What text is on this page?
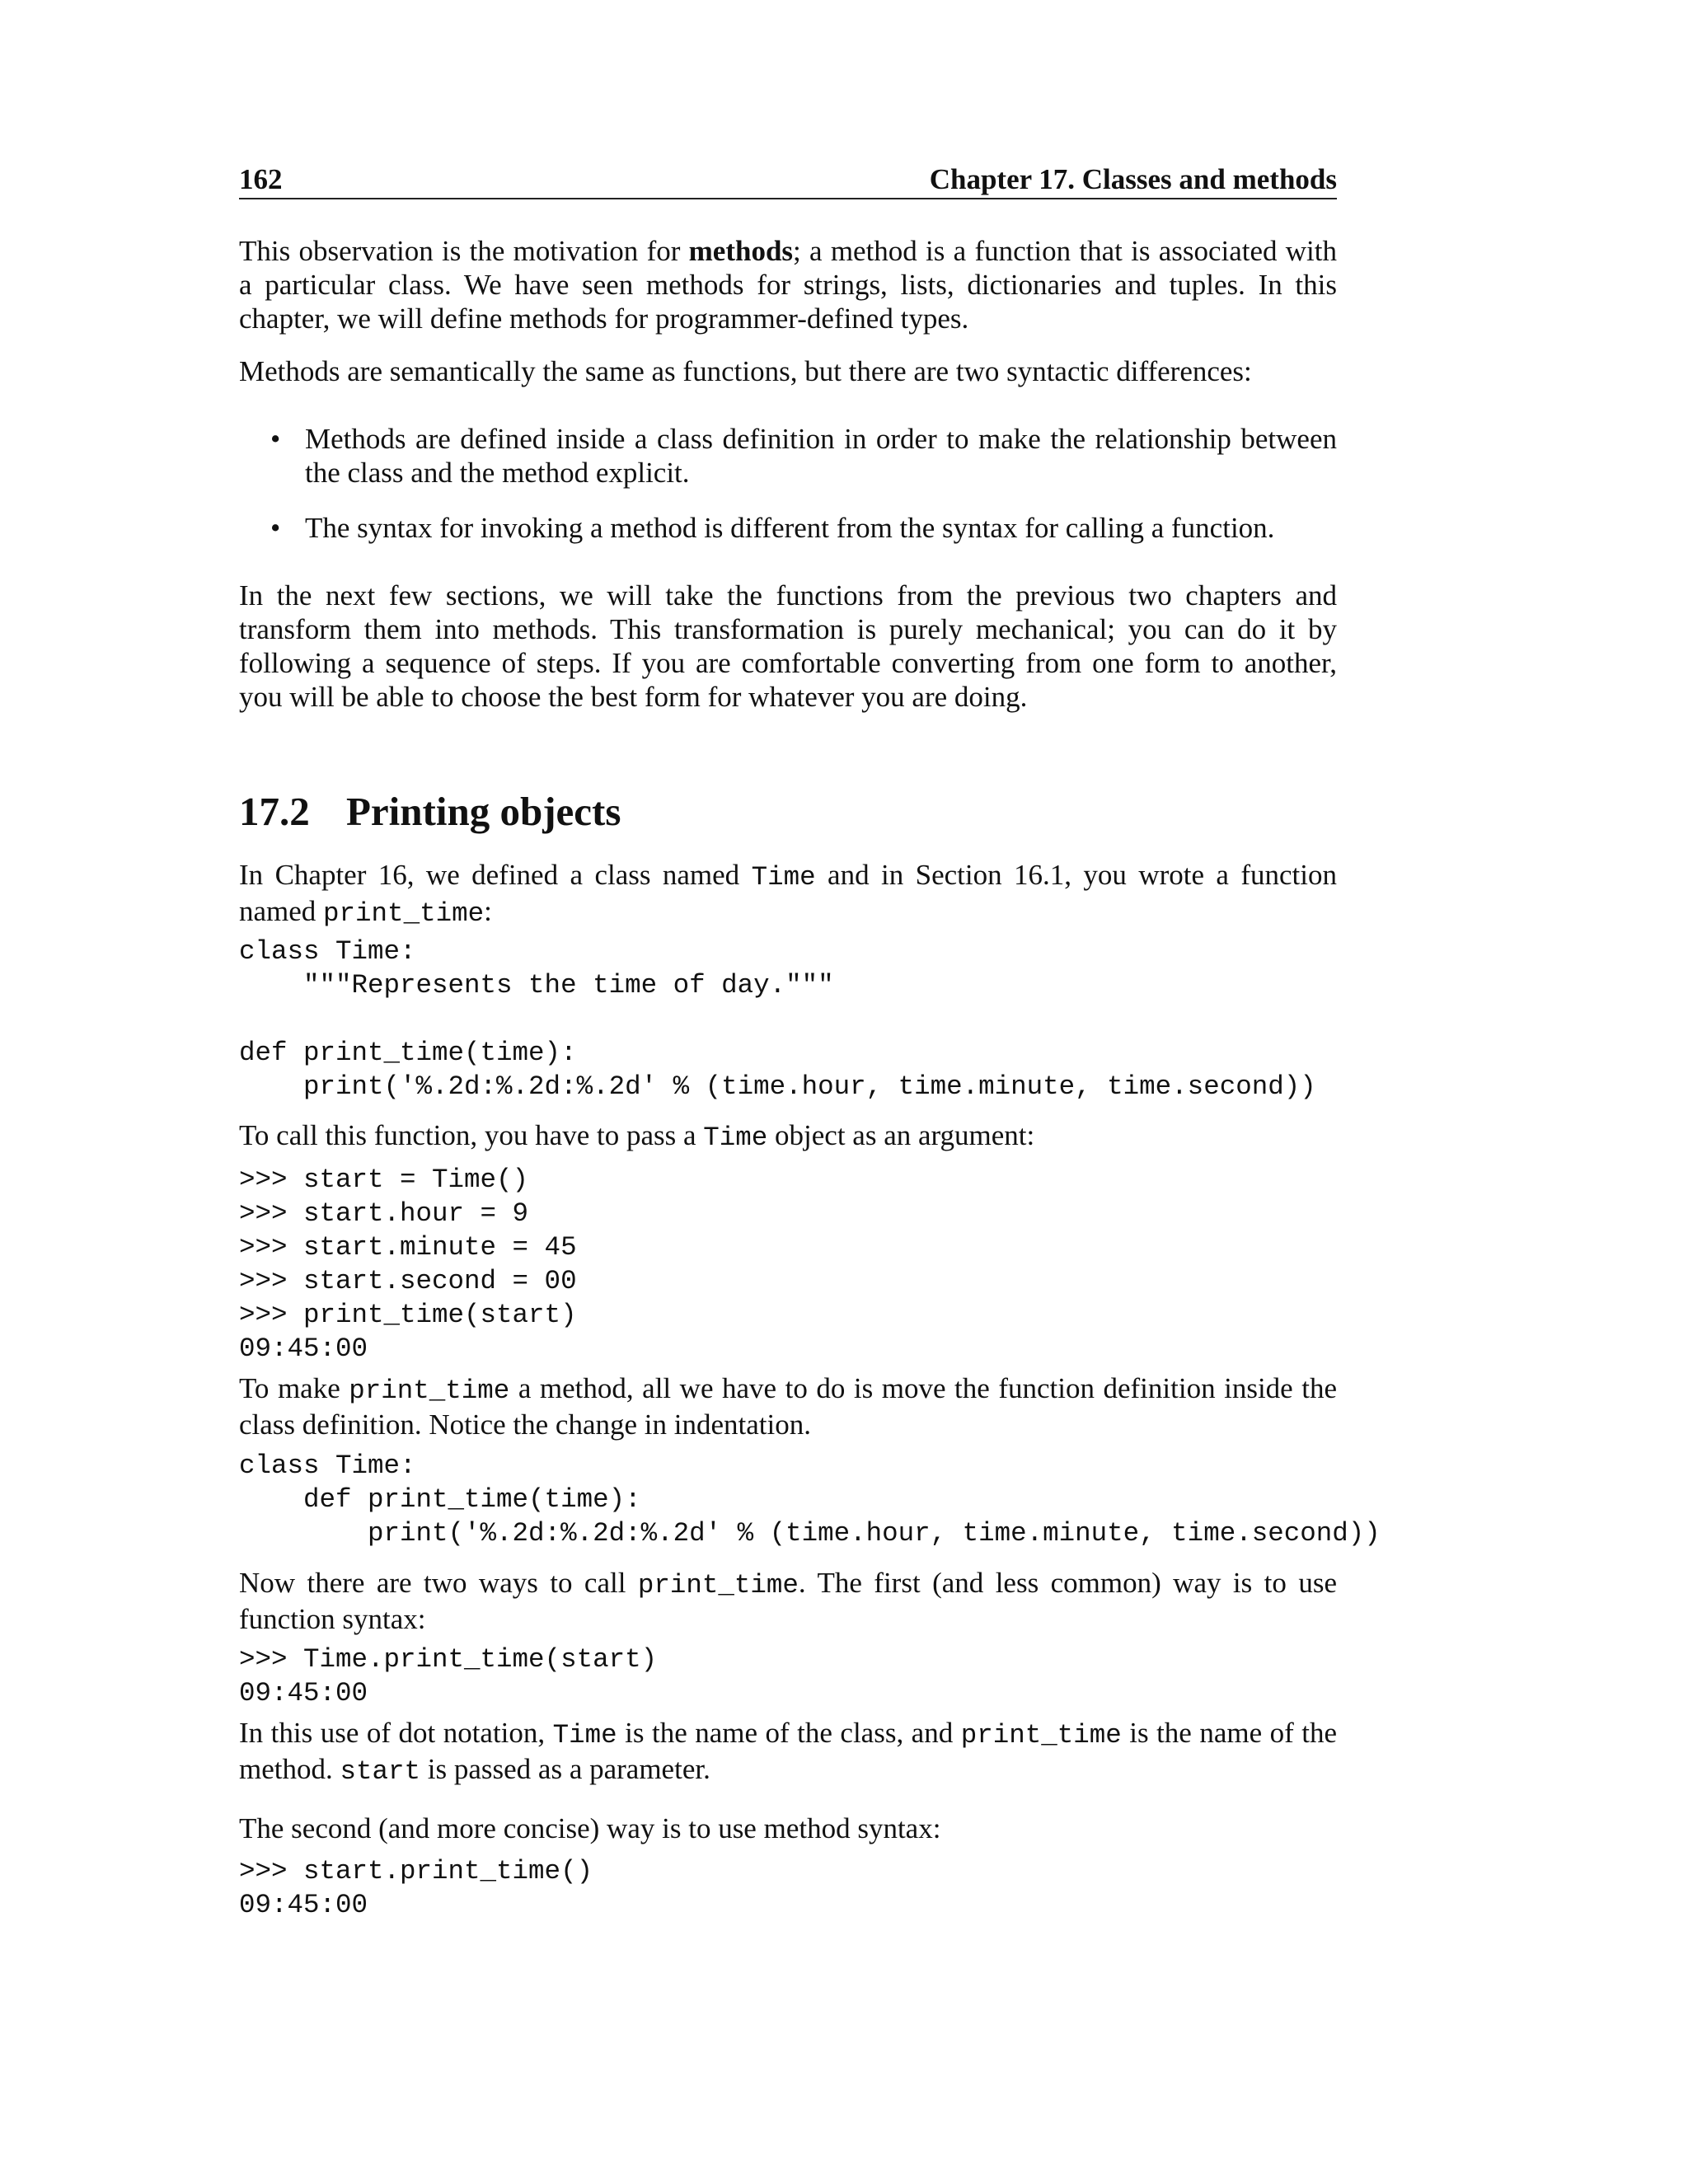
162	Chapter 17. Classes and methods

This observation is the motivation for methods; a method is a function that is associated with a particular class. We have seen methods for strings, lists, dictionaries and tuples. In this chapter, we will define methods for programmer-defined types.

Methods are semantically the same as functions, but there are two syntactic differences:

• Methods are defined inside a class definition in order to make the relationship between the class and the method explicit.
• The syntax for invoking a method is different from the syntax for calling a function.

In the next few sections, we will take the functions from the previous two chapters and transform them into methods. This transformation is purely mechanical; you can do it by following a sequence of steps. If you are comfortable converting from one form to another, you will be able to choose the best form for whatever you are doing.

17.2 Printing objects

In Chapter 16, we defined a class named Time and in Section 16.1, you wrote a function named print_time:

class Time:
"""Represents the time of day."""

def print_time(time):
print('%.2d:%.2d:%.2d' % (time.hour, time.minute, time.second))

To call this function, you have to pass a Time object as an argument:

>>> start = Time()
>>> start.hour = 9
>>> start.minute = 45
>>> start.second = 00
>>> print_time(start)
09:45:00

To make print_time a method, all we have to do is move the function definition inside the class definition. Notice the change in indentation.

class Time:
def print_time(time):
print('%.2d:%.2d:%.2d' % (time.hour, time.minute, time.second))

Now there are two ways to call print_time. The first (and less common) way is to use function syntax:

>>> Time.print_time(start)
09:45:00

In this use of dot notation, Time is the name of the class, and print_time is the name of the method. start is passed as a parameter.

The second (and more concise) way is to use method syntax:

>>> start.print_time()
09:45:00
